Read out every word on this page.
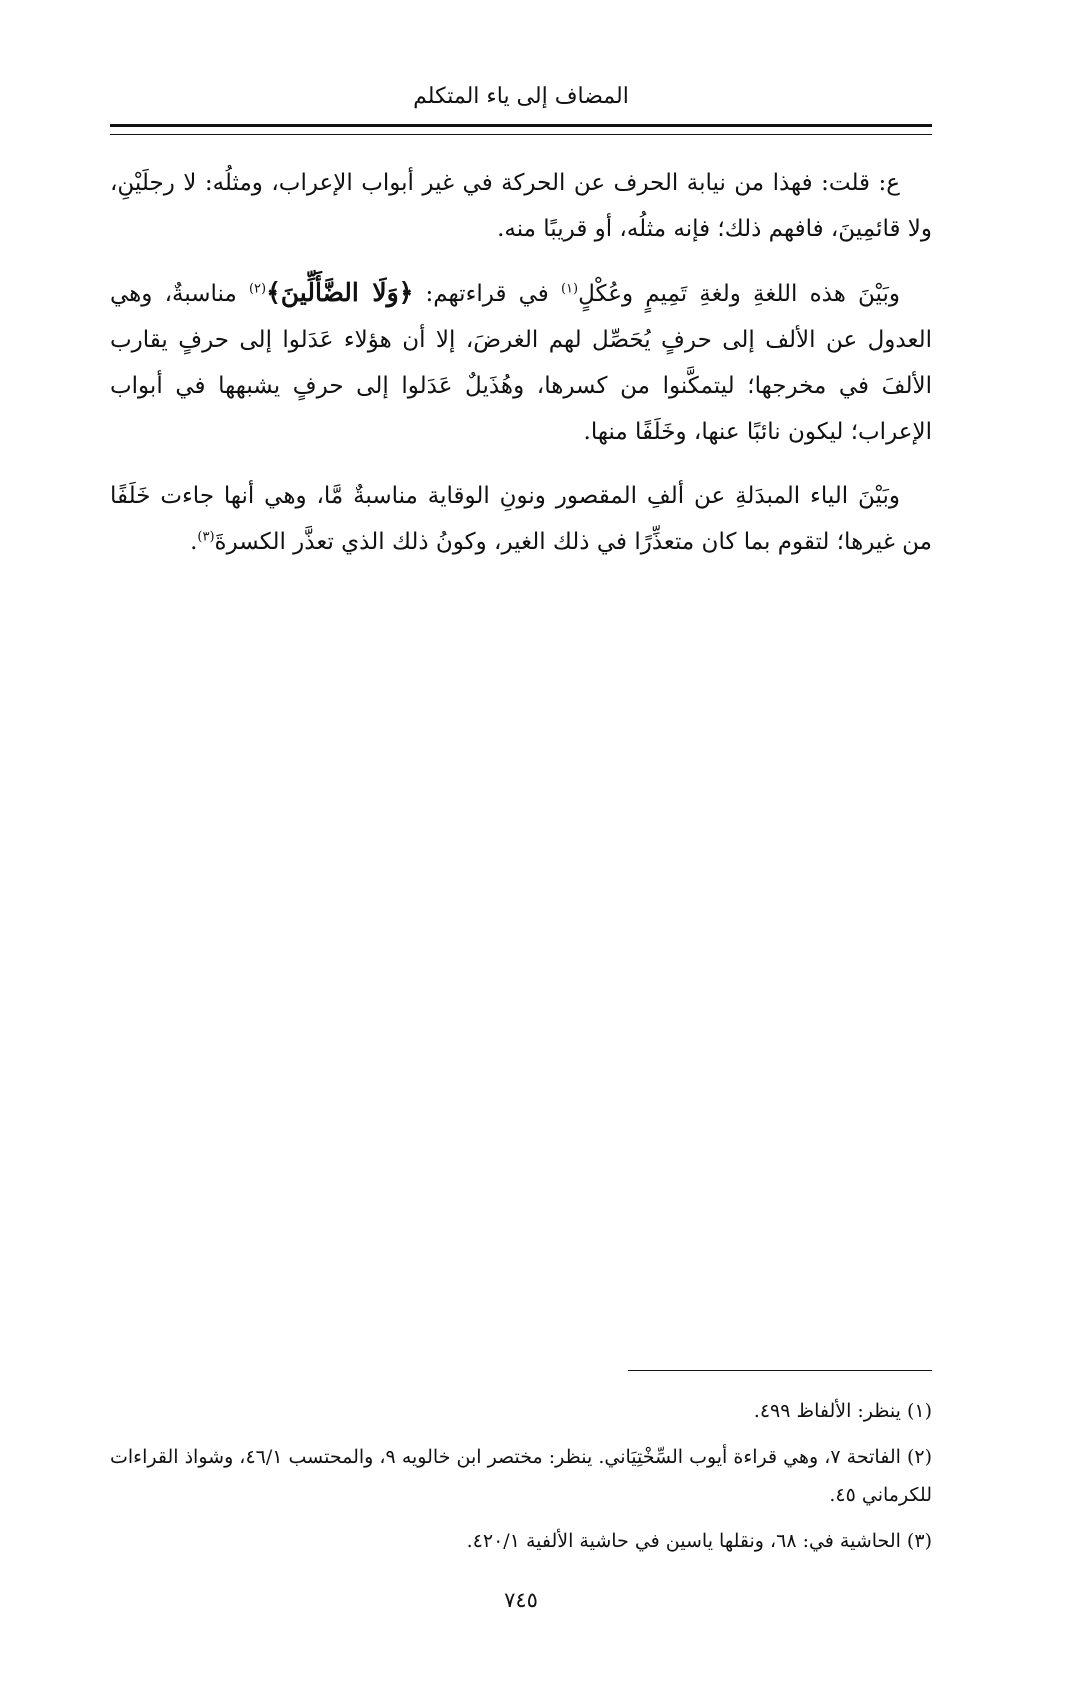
المضاف إلى ياء المتكلم

ع: قلت: فهذا من نيابة الحرف عن الحركة في غير أبواب الإعراب، ومثلُه: لا رجلَيْنِ، ولا قائمِينَ، فافهم ذلك؛ فإنه مثلُه، أو قريبًا منه.

وبَيْنَ هذه اللغةِ ولغةِ تَمِيمٍ وعُكْلٍ$^{(١)}$ في قراءتهم: ﴿وَلَا الضَّأَلِّينَ﴾$^{(٢)}$ مناسبةٌ، وهي العدول عن الألف إلى حرفٍ يُحَصِّل لهم الغرضَ، إلا أن هؤلاء عَدَلوا إلى حرفٍ يقارب الألفَ في مخرجها؛ ليتمكَّنوا من كسرها، وهُذَيلٌ عَدَلوا إلى حرفٍ يشبهها في أبواب الإعراب؛ ليكون نائبًا عنها، وخَلَفًا منها.

وبَيْنَ الياء المبدَلةِ عن ألفِ المقصور ونونِ الوقاية مناسبةٌ مَّا، وهي أنها جاءت خَلَفًا من غيرها؛ لتقوم بما كان متعذِّرًا في ذلك الغير، وكونُ ذلك الذي تعذَّر الكسرةَ$^{(٣)}$.

(١) ينظر: الألفاظ ٤٩٩.

(٢) الفاتحة ٧، وهي قراءة أيوب السِّخْتِيَاني. ينظر: مختصر ابن خالويه ٩، والمحتسب ٤٦/١، وشواذ القراءات للكرماني ٤٥.

(٣) الحاشية في: ٦٨، ونقلها ياسين في حاشية الألفية ٤٢٠/١.

٧٤٥
